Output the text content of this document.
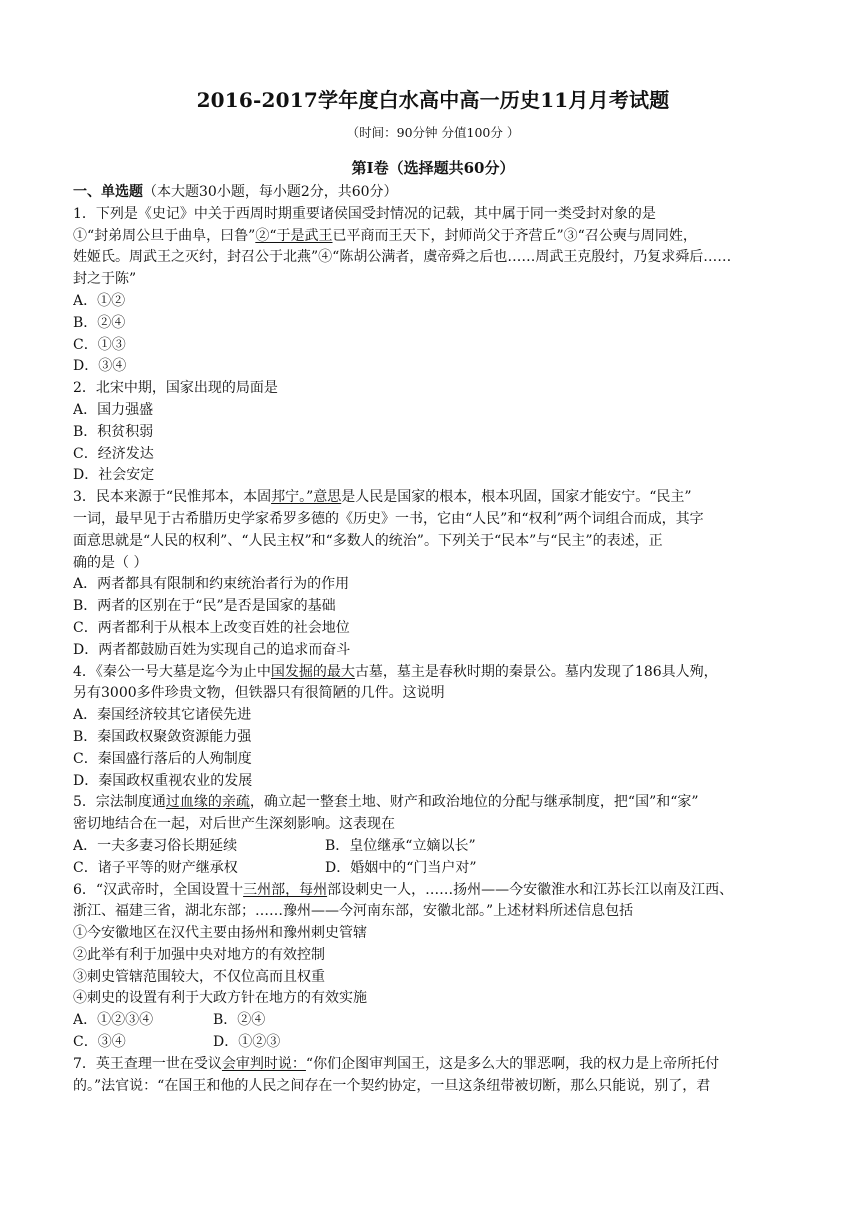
2016-2017学年度白水高中高一历史11月月考试题
（时间：90分钟 分值100分 ）
第Ⅰ卷（选择题共60分）
一、单选题（本大题30小题，每小题2分，共60分）
1．下列是《史记》中关于西周时期重要诸侯国受封情况的记载，其中属于同一类受封对象的是
①“封弟周公旦于曲阜，曰鲁”②“于是武王已平商而王天下，封师尚父于齐营丘”③“召公奭与周同姓，
姓姬氏。周武王之灭纣，封召公于北燕”④“陈胡公满者，虞帝舜之后也……周武王克殷纣，乃复求舜后……
封之于陈”
A．①②
B．②④
C．①③
D．③④
2．北宋中期，国家出现的局面是
A．国力强盛
B．积贫积弱
C．经济发达
D．社会安定
3．民本来源于“民惟邦本，本固邦宁。”意思是人民是国家的根本，根本巩固，国家才能安宁。“民主”
一词，最早见于古希腊历史学家希罗多德的《历史》一书，它由“人民”和“权利”两个词组合而成，其字
面意思就是“人民的权利”、“人民主权”和“多数人的统治”。下列关于“民本”与“民主”的表述，正
确的是（ ）
A．两者都具有限制和约束统治者行为的作用
B．两者的区别在于“民”是否是国家的基础
C．两者都利于从根本上改变百姓的社会地位
D．两者都鼓励百姓为实现自己的追求而奋斗
4．《秦公一号大墓是迄今为止中国发掘的最大古墓，墓主是春秋时期的秦景公。墓内发现了186具人殉，
另有3000多件珍贵文物，但铁器只有很简陋的几件。这说明
A．秦国经济较其它诸侯先进
B．秦国政权聚敛资源能力强
C．秦国盛行落后的人殉制度
D．秦国政权重视农业的发展
5．宗法制度通过血缘的亲疏，确立起一整套土地、财产和政治地位的分配与继承制度，把“国”和“家”
密切地结合在一起，对后世产生深刻影响。这表现在
A．一夫多妻习俗长期延续	B．皇位继承“立嫡以长”
C．诸子平等的财产继承权	D．婚姻中的“门当户对”
6．“汉武帝时，全国设置十三州部，每州部设刺史一人，……扬州——今安徽淮水和江苏长江以南及江西、
浙江、福建三省，湖北东部；……豫州——今河南东部，安徽北部。”上述材料所述信息包括
①今安徽地区在汉代主要由扬州和豫州刺史管辖
②此举有利于加强中央对地方的有效控制
③刺史管辖范围较大，不仅位高而且权重
④刺史的设置有利于大政方针在地方的有效实施
A．①②③④	B．②④
C．③④	D．①②③
7．英王查理一世在受议会审判时说：“你们企图审判国王，这是多么大的罪恶啊，我的权力是上帝所托付
的。”法官说：“在国王和他的人民之间存在一个契约协定，一旦这条纽带被切断，那么只能说，别了，君
